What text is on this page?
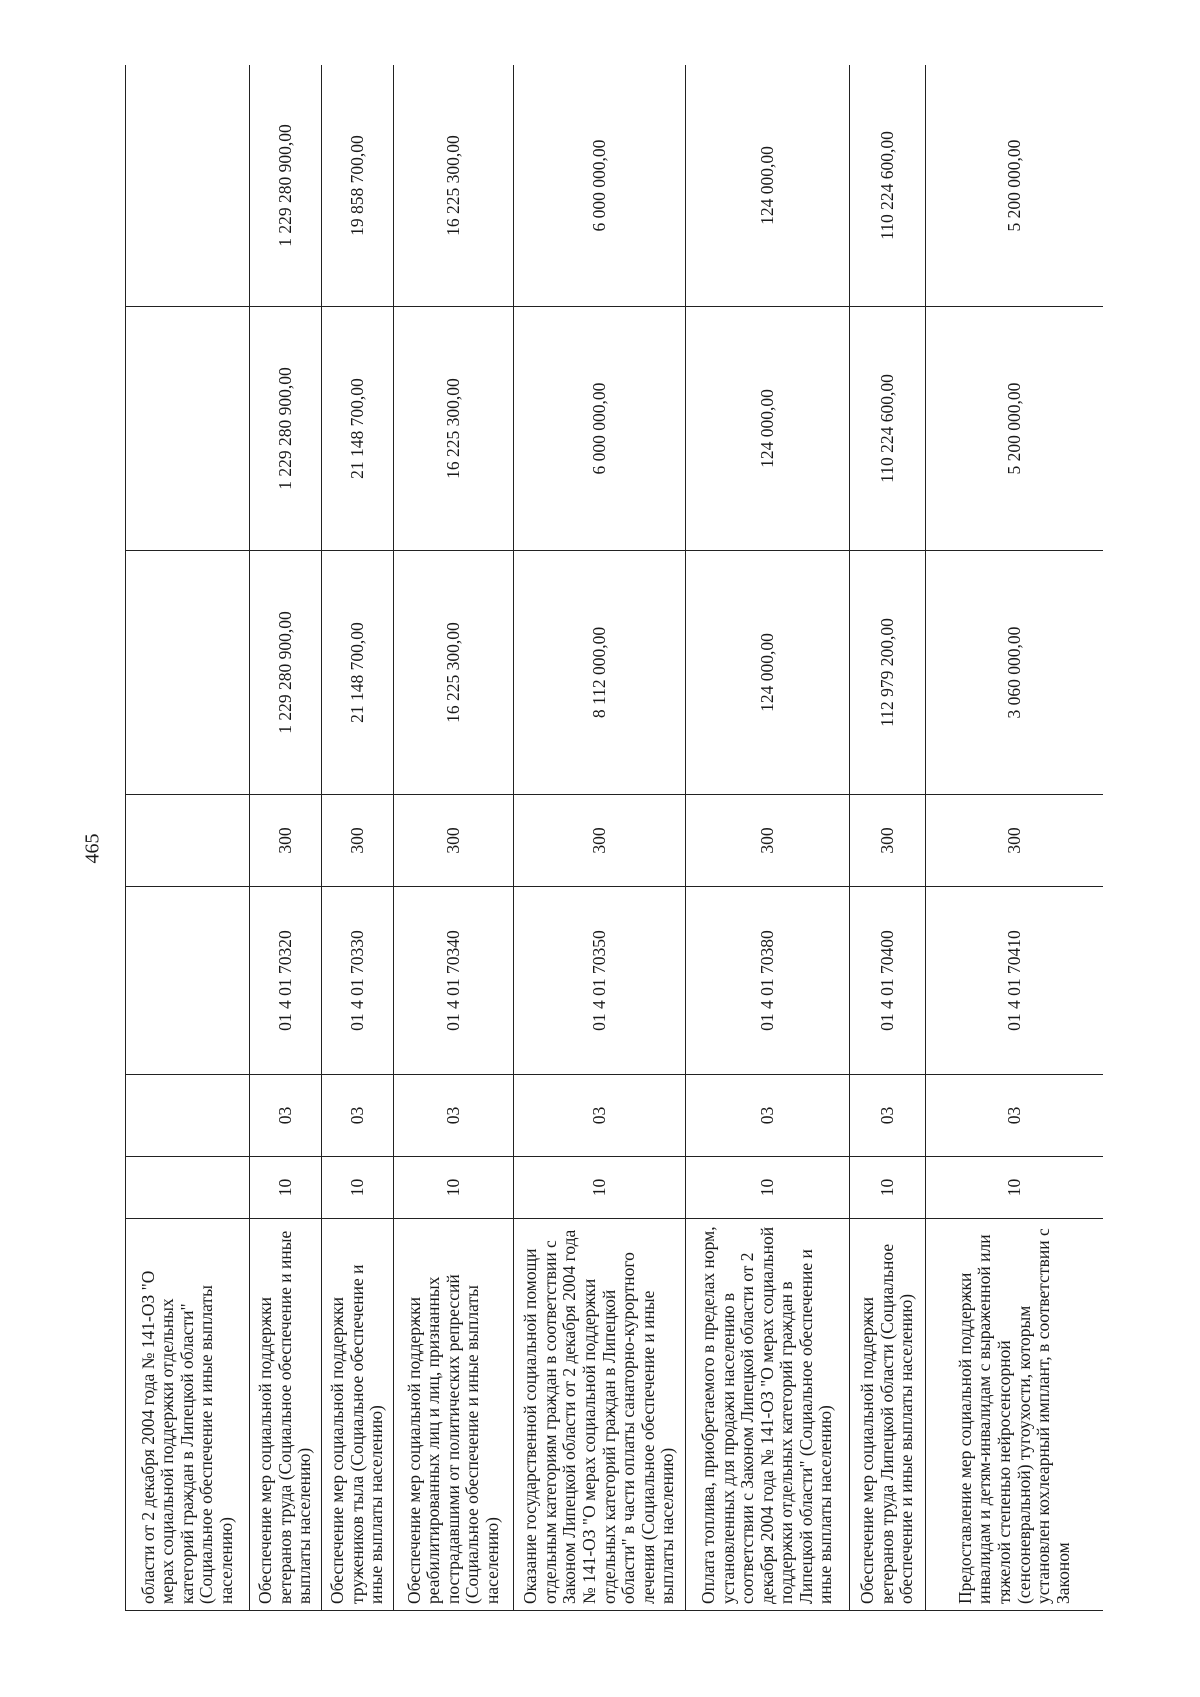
465
области от 2 декабря 2004 года № 141-ОЗ "О мерах социальной поддержки отдельных категорий граждан в Липецкой области" (Социальное обеспечение и иные выплаты населению)							
Обеспечение мер социальной поддержки ветеранов труда (Социальное обеспечение и иные выплаты населению)	10	03	01 4 01 70320	300	1 229 280 900,00	1 229 280 900,00	1 229 280 900,00
Обеспечение мер социальной поддержки тружеников тыла (Социальное обеспечение и иные выплаты населению)	10	03	01 4 01 70330	300	21 148 700,00	21 148 700,00	19 858 700,00
Обеспечение мер социальной поддержки реабилитированных лиц и лиц, признанных пострадавшими от политических репрессий (Социальное обеспечение и иные выплаты населению)	10	03	01 4 01 70340	300	16 225 300,00	16 225 300,00	16 225 300,00
Оказание государственной социальной помощи отдельным категориям граждан в соответствии с Законом Липецкой области от 2 декабря 2004 года № 141-ОЗ "О мерах социальной поддержки отдельных категорий граждан в Липецкой области" в части оплаты санаторно-курортного лечения (Социальное обеспечение и иные выплаты населению)	10	03	01 4 01 70350	300	8 112 000,00	6 000 000,00	6 000 000,00
Оплата топлива, приобретаемого в пределах норм, установленных для продажи населению в соответствии с Законом Липецкой области от 2 декабря 2004 года № 141-ОЗ "О мерах социальной поддержки отдельных категорий граждан в Липецкой области" (Социальное обеспечение и иные выплаты населению)	10	03	01 4 01 70380	300	124 000,00	124 000,00	124 000,00
Обеспечение мер социальной поддержки ветеранов труда Липецкой области (Социальное обеспечение и иные выплаты населению)	10	03	01 4 01 70400	300	112 979 200,00	110 224 600,00	110 224 600,00
Предоставление мер социальной поддержки инвалидам и детям-инвалидам с выраженной или тяжелой степенью нейросенсорной (сенсоневральной) тугоухости, которым установлен кохлеарный имплант, в соответствии с Законом	10	03	01 4 01 70410	300	3 060 000,00	5 200 000,00	5 200 000,00
